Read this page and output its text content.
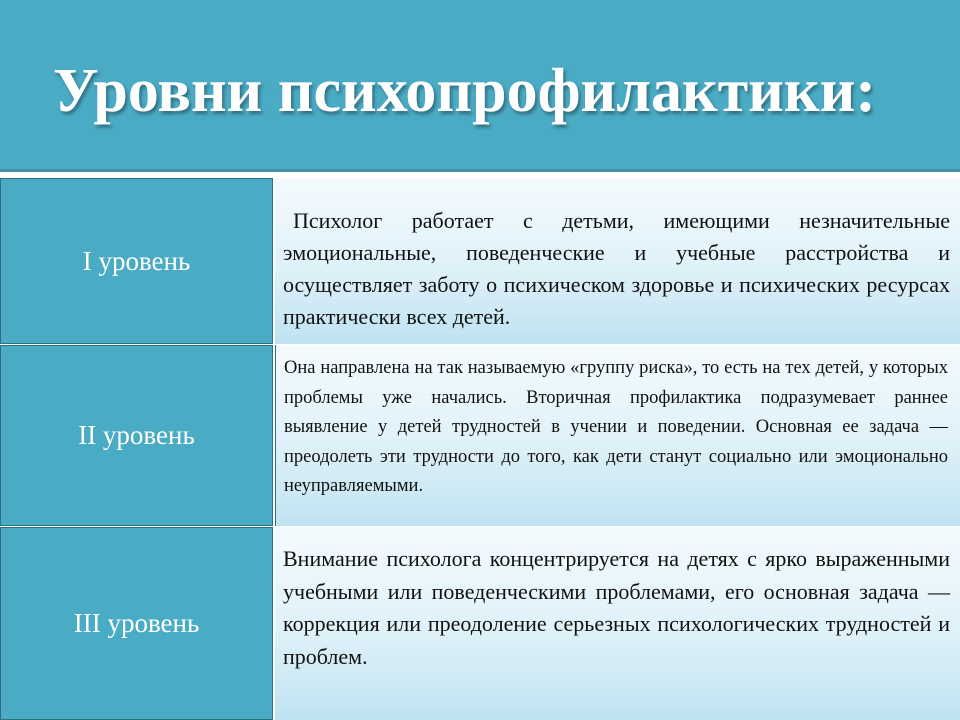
Уровни психопрофилактики:
I уровень

Психолог работает с детьми, имеющими незначительные эмоциональные, поведенческие и учебные расстройства и осуществляет заботу о психическом здоровье и психических ресурсах практически всех детей.

II уровень

Она направлена на так называемую «группу риска», то есть на тех детей, у которых проблемы уже начались. Вторичная профилактика подразумевает раннее выявление у детей трудностей в учении и поведении. Основная ее задача — преодолеть эти трудности до того, как дети станут социально или эмоционально неуправляемыми.

III уровень

Внимание психолога концентрируется на детях с ярко выраженными учебными или поведенческими проблемами, его основная задача — коррекция или преодоление серьезных психологических трудностей и проблем.
